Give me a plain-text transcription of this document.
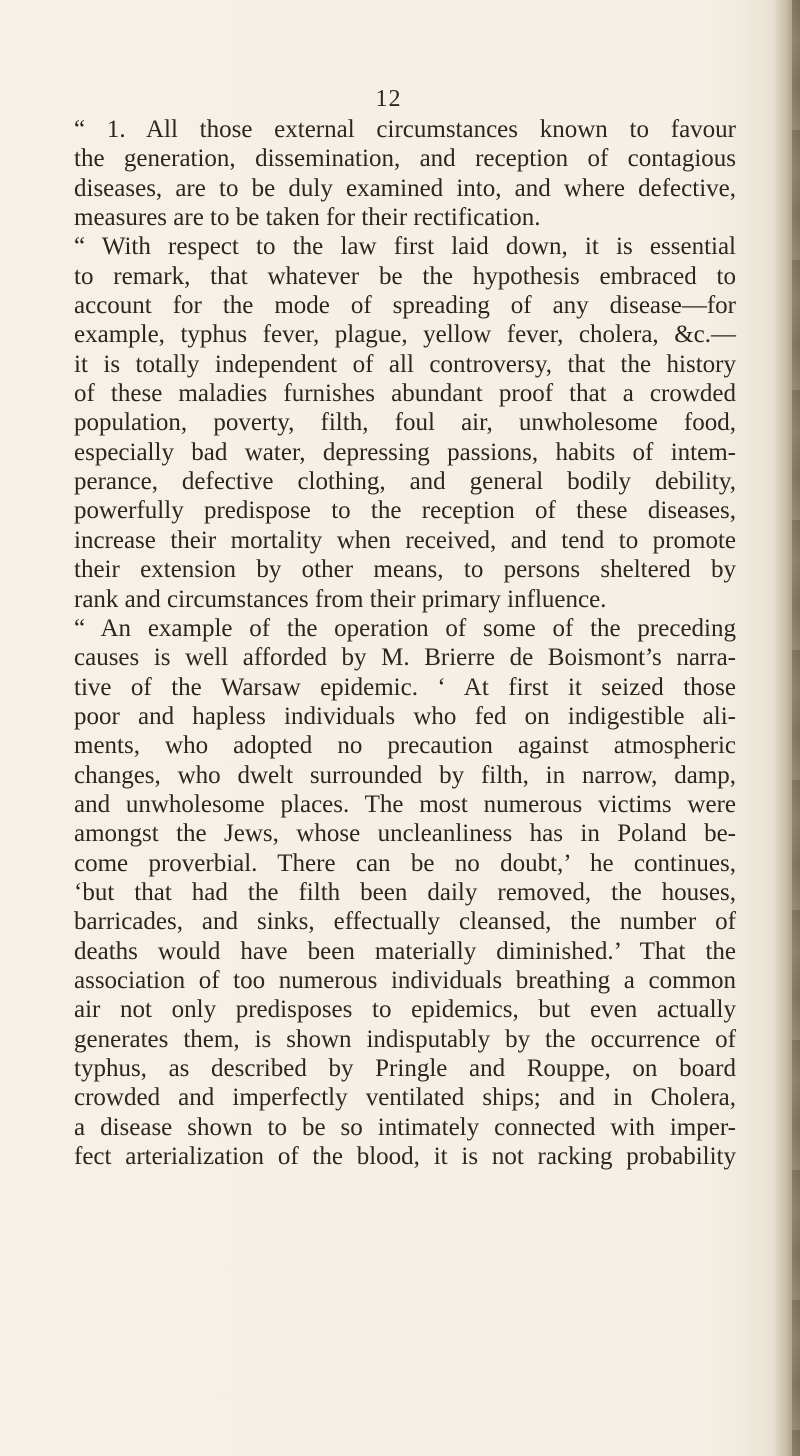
12
“ 1. All those external circumstances known to favour
the generation, dissemination, and reception of contagious
diseases, are to be duly examined into, and where defective,
measures are to be taken for their rectification.
“ With respect to the law first laid down, it is essential
to remark, that whatever be the hypothesis embraced to
account for the mode of spreading of any disease—for
example, typhus fever, plague, yellow fever, cholera, &c.—
it is totally independent of all controversy, that the history
of these maladies furnishes abundant proof that a crowded
population, poverty, filth, foul air, unwholesome food,
especially bad water, depressing passions, habits of intem-
perance, defective clothing, and general bodily debility,
powerfully predispose to the reception of these diseases,
increase their mortality when received, and tend to promote
their extension by other means, to persons sheltered by
rank and circumstances from their primary influence.
“ An example of the operation of some of the preceding
causes is well afforded by M. Brierre de Boismont’s narra-
tive of the Warsaw epidemic. ‘ At first it seized those
poor and hapless individuals who fed on indigestible ali-
ments, who adopted no precaution against atmospheric
changes, who dwelt surrounded by filth, in narrow, damp,
and unwholesome places. The most numerous victims were
amongst the Jews, whose uncleanliness has in Poland be-
come proverbial. There can be no doubt,’ he continues,
‘but that had the filth been daily removed, the houses,
barricades, and sinks, effectually cleansed, the number of
deaths would have been materially diminished.’ That the
association of too numerous individuals breathing a common
air not only predisposes to epidemics, but even actually
generates them, is shown indisputably by the occurrence of
typhus, as described by Pringle and Rouppe, on board
crowded and imperfectly ventilated ships; and in Cholera,
a disease shown to be so intimately connected with imper-
fect arterialization of the blood, it is not racking probability
